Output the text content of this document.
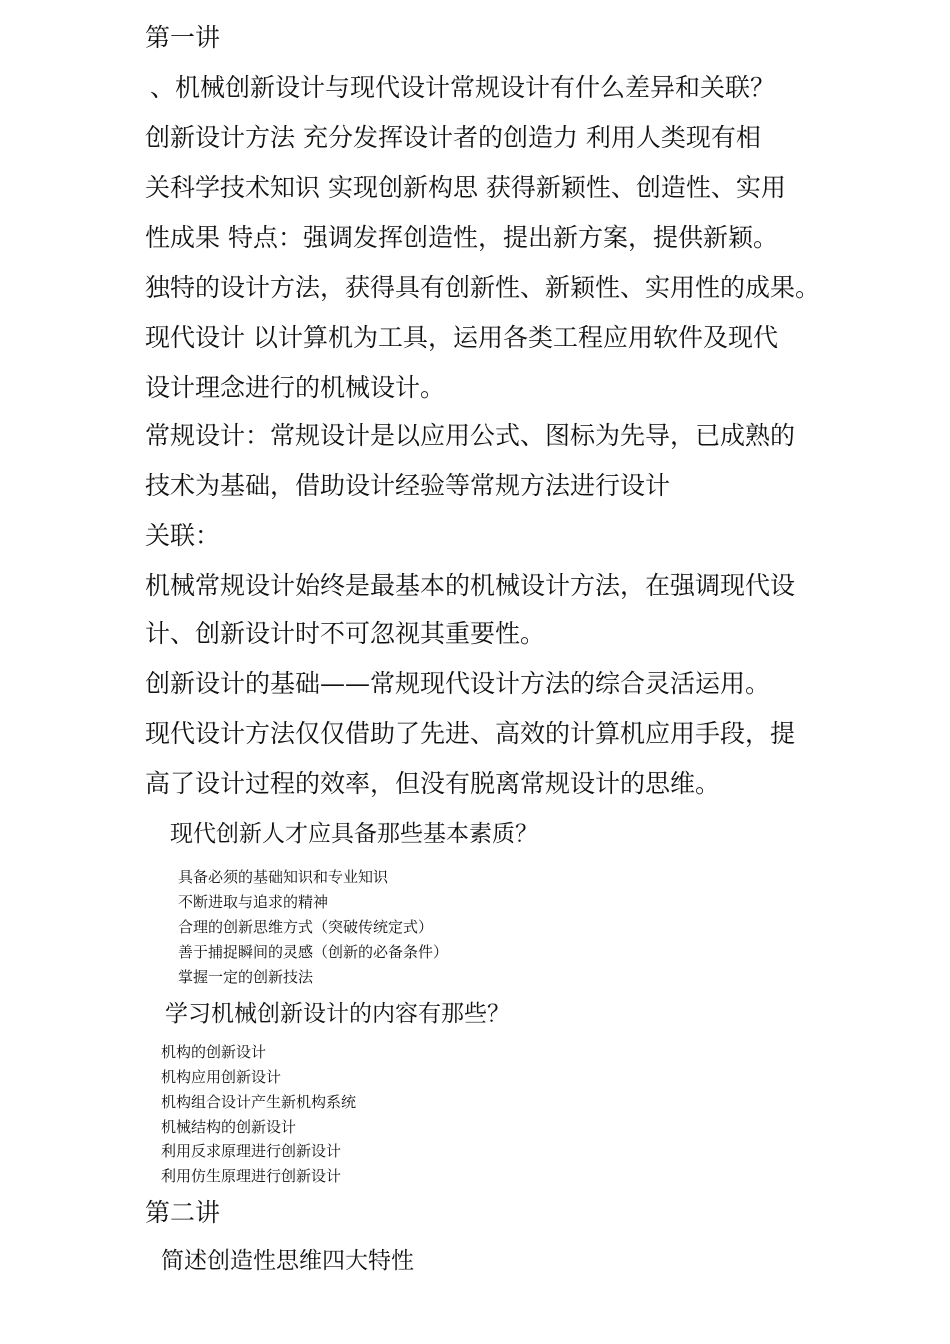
第一讲
、机械创新设计与现代设计常规设计有什么差异和关联？
创新设计方法 充分发挥设计者的创造力 利用人类现有相
关科学技术知识 实现创新构思 获得新颖性、创造性、实用
性成果 特点：强调发挥创造性，提出新方案，提供新颖。
独特的设计方法，获得具有创新性、新颖性、实用性的成果。
现代设计 以计算机为工具，运用各类工程应用软件及现代
设计理念进行的机械设计。
常规设计：常规设计是以应用公式、图标为先导，已成熟的
技术为基础，借助设计经验等常规方法进行设计
关联：
机械常规设计始终是最基本的机械设计方法，在强调现代设
计、创新设计时不可忽视其重要性。
创新设计的基础——常规现代设计方法的综合灵活运用。
现代设计方法仅仅借助了先进、高效的计算机应用手段，提
高了设计过程的效率，但没有脱离常规设计的思维。
现代创新人才应具备那些基本素质？
具备必须的基础知识和专业知识
不断进取与追求的精神
合理的创新思维方式（突破传统定式）
善于捕捉瞬间的灵感（创新的必备条件）
掌握一定的创新技法
学习机械创新设计的内容有那些？
机构的创新设计
机构应用创新设计
机构组合设计产生新机构系统
机械结构的创新设计
利用反求原理进行创新设计
利用仿生原理进行创新设计
第二讲
简述创造性思维四大特性
